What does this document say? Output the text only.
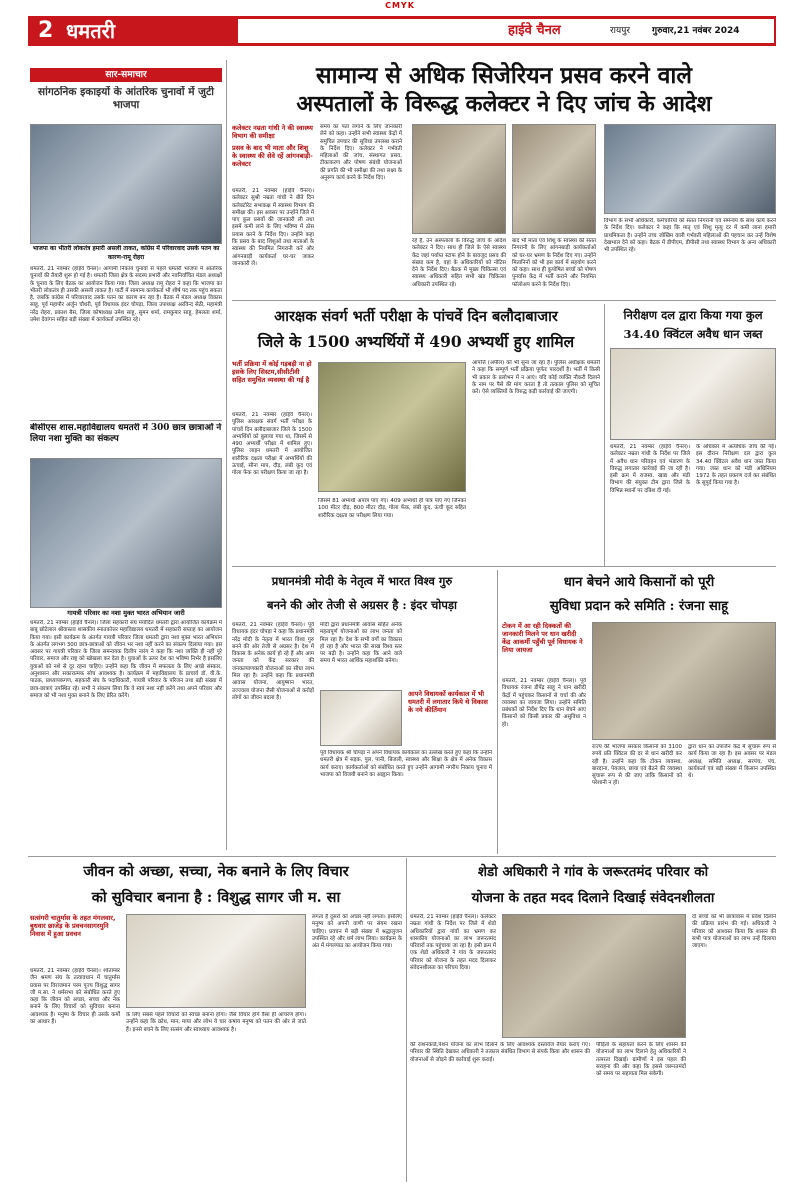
CMYK
2 धमतरी	हाईवे चैनल	रायपुर	गुरुवार,21 नवंबर 2024
सार-समाचार
सांगठनिक इकाइयों के आंतरिक चुनावों में जुटी भाजपा
भाजपा का भीतरी लोकतंत्र हमारी असली ताकत, कांग्रेस में परिवारवाद उसके पतन का कारण-रामू रोहरा
धमतरी, 21 नवम्बर (हाईवे चैनल)। आगामी निकाय चुनावों से पहले धमतरी भाजपा में आंतरिक चुनावों की तैयारी शुरू हो गई है। धमतरी जिला क्षेत्र के सदस्य प्रभारी और नवनिर्वाचित मंडल अध्यक्षों के चुनाव के लिए बैठक का आयोजन किया गया। जिला अध्यक्ष रामू रोहरा ने कहा कि भाजपा का भीतरी लोकतंत्र ही उसकी असली ताकत है। पार्टी में सामान्य कार्यकर्ता भी शीर्ष पद तक पहुंच सकता है, जबकि कांग्रेस में परिवारवाद उसके पतन का कारण बन रहा है। बैठक में मंडल अध्यक्ष विकास साहू, पूर्व महापौर अर्जुन चौधरी, पूर्व विधायक इंदर चोपड़ा, जिला उपाध्यक्ष अरविन्द सेठी, महामंत्री नरेंद्र रोहरा, प्रकाश बैस, जिला कोषाध्यक्ष उमेश साहू, सुमन शर्मा, रामकुमार साहू, हेमलता शर्मा, उमेश देवांगन सहित बड़ी संख्या में कार्यकर्ता उपस्थित रहे।
बीसीएस शास.महाविद्यालय धमतरी में 300 छात्र छात्राओं ने लिया नशा मुक्ति का संकल्प
गायत्री परिवार का नशा मुक्त भारत अभियान जारी
धमतरी, 21 नवम्बर (हाईवे चैनल)। जिला सहकारी संघ मर्यादित धमतरी द्वारा आयोजित कार्यक्रम में बाबू छोटेलाल श्रीवास्तव शासकीय स्नातकोत्तर महाविद्यालय धमतरी में सहकारी सप्ताह का आयोजन किया गया। इसी कार्यक्रम के अंतर्गत गायत्री परिवार जिला धमतरी द्वारा नशा मुक्त भारत अभियान के अंतर्गत लगभग 300 छात्र-छात्राओं को जीवन भर नशा नहीं करने का संकल्प दिलाया गया। इस अवसर पर गायत्री परिवार के जिला समन्वयक दिलीप नारंग ने कहा कि नशा व्यक्ति ही नहीं पूरे परिवार, समाज और राष्ट्र को खोखला कर देता है। युवाओं के ऊपर देश का भविष्य निर्भर है इसलिए युवाओं को नशे से दूर रहना चाहिए। उन्होंने कहा कि जीवन में सफलता के लिए अच्छे संस्कार, अनुशासन और सकारात्मक सोच आवश्यक है। कार्यक्रम में महाविद्यालय के प्राचार्य डॉ. वी.के. पाठक, प्राध्यापकगण, सहकारी संघ के पदाधिकारी, गायत्री परिवार के परिजन तथा बड़ी संख्या में छात्र-छात्राएं उपस्थित रहे। सभी ने संकल्प लिया कि वे स्वयं नशा नहीं करेंगे तथा अपने परिवार और समाज को भी नशा मुक्त बनाने के लिए प्रेरित करेंगे।
सामान्य से अधिक सिजेरियन प्रसव करने वाले
अस्पतालों के विरूद्ध कलेक्टर ने दिए जांच के आदेश
कलेक्टर नम्रता गांधी ने की स्वास्थ्य विभाग की समीक्षा
प्रसव के बाद भी माता और शिशु के स्वास्थ्य की सेवे रहें आंगनबाड़ी-कलेक्टर
धमतरी, 21 नवम्बर (हाईवे चैनल)। कलेक्टर सुश्री नम्रता गांधी ने बीते दिन कलेक्टोरेट सभाकक्ष में स्वास्थ्य विभाग की समीक्षा की। इस अवसर पर उन्होंने जिले में पाए कुल प्रसवों की जानकारी ली तथा इसमें कमी लाने के लिए भविष्य में ठोस प्रयास करने के निर्देश दिए। उन्होंने कहा कि प्रसव के बाद शिशुओं तथा माताओं के स्वास्थ्य की नियमित निगरानी करें और आंगनबाड़ी कार्यकर्ता घर-घर जाकर जानकारी लें।
समय का पता लगाने के लिए जानकारी लेने को कहा। उन्होंने सभी स्वास्थ्य केंद्रों में समुचित उपचार की सुविधा उपलब्ध कराने के निर्देश दिए। कलेक्टर ने गर्भवती महिलाओं की जांच, संस्थागत प्रसव, टीकाकरण और पोषण संबंधी योजनाओं की प्रगति की भी समीक्षा की तथा लक्ष्य के अनुरूप कार्य करने के निर्देश दिए।
रहे हैं, उन अस्पतालों के विरुद्ध जांच के आदेश कलेक्टर ने दिए। साथ ही जिले के ऐसे स्वास्थ्य केंद्र जहां पर्याप्त स्टाफ होने के बावजूद प्रसव की संख्या कम है, वहां के अधिकारियों को नोटिस देने के निर्देश दिए। बैठक में मुख्य चिकित्सा एवं स्वास्थ्य अधिकारी सहित सभी खंड चिकित्सा अधिकारी उपस्थित रहे।
बाद भी माता एवं शिशु के स्वास्थ्य की सतत निगरानी के लिए आंगनबाड़ी कार्यकर्ताओं को घर-घर भ्रमण के निर्देश दिए गए। उन्होंने मितानिनों को भी इस कार्य में सहयोग करने को कहा। साथ ही कुपोषित बच्चों को पोषण पुनर्वास केंद्र में भर्ती कराने और नियमित फॉलोअप करने के निर्देश दिए।
विभाग के सभी अधिकारी, कर्मचारियों को सतत निगरानी एवं समन्वय के साथ कार्य करने के निर्देश दिए। कलेक्टर ने कहा कि मातृ एवं शिशु मृत्यु दर में कमी लाना हमारी प्राथमिकता है। उन्होंने उच्च जोखिम वाली गर्भवती महिलाओं की पहचान कर उन्हें विशेष देखभाल देने को कहा। बैठक में डीपीएम, डीपीसी तथा स्वास्थ्य विभाग के अन्य अधिकारी भी उपस्थित रहे।
आरक्षक संवर्ग भर्ती परीक्षा के पांचवें दिन बलौदाबाजार
जिले के 1500 अभ्यर्थियों में 490 अभ्यर्थी हुए शामिल
भर्ती प्रक्रिया में कोई गड़बड़ी ना हो इसके लिए सिस्टम,सीसीटीवी सहित समुचित व्यवस्था की गई है
धमतरी, 21 नवम्बर (हाईवे चैनल)। पुलिस आरक्षक संवर्ग भर्ती परीक्षा के पांचवें दिन बलौदाबाजार जिले के 1500 अभ्यर्थियों को बुलाया गया था, जिसमें से 490 अभ्यर्थी परीक्षा में शामिल हुए। पुलिस लाइन धमतरी में आयोजित शारीरिक दक्षता परीक्षा में अभ्यर्थियों की ऊंचाई, सीना माप, दौड़, लंबी कूद एवं गोला फेंक का परीक्षण किया जा रहा है।
जिसमें 81 अभ्यर्थी अपात्र पाए गए। 409 अभ्यर्थी ही पात्र पाए गए जिनका 100 मीटर दौड़, 800 मीटर दौड़, गोला फेंक, लंबी कूद, ऊंची कूद सहित शारीरिक दक्षता का परीक्षण लिया गया।
आपत्ति (अपील) को भी सुना जा रहा है। पुलिस अधीक्षक धमतरी ने कहा कि सम्पूर्ण भर्ती प्रक्रिया पूर्णतः पारदर्शी है। भर्ती में किसी भी प्रकार के प्रलोभन में न आएं। यदि कोई व्यक्ति नौकरी दिलाने के नाम पर पैसे की मांग करता है तो तत्काल पुलिस को सूचित करें। ऐसे व्यक्तियों के विरुद्ध कड़ी कार्रवाई की जाएगी।
निरीक्षण दल द्वारा किया गया कुल
34.40 क्विंटल अवैध धान जब्त
धमतरी, 21 नवम्बर (हाईवे चैनल)। कलेक्टर नम्रता गांधी के निर्देश पर जिले में अवैध धान परिवहन एवं भंडारण के विरुद्ध लगातार कार्रवाई की जा रही है। इसी क्रम में राजस्व, खाद्य और मंडी विभाग की संयुक्त टीम द्वारा जिले के विभिन्न स्थानों पर दबिश दी गई।
के अधिकार में अत्यधिक जांच की गई। इस दौरान निरीक्षण दल द्वारा कुल 34.40 क्विंटल अवैध धान जब्त किया गया। जब्त धान को मंडी अधिनियम 1972 के तहत प्रकरण दर्ज कर संबंधित के सुपुर्द किया गया है।
प्रधानमंत्री मोदी के नेतृत्व में भारत विश्व गुरु
बनने की ओर तेजी से अग्रसर है : इंदर चोपड़ा
धमतरी, 21 नवम्बर (हाईवे चैनल)। पूर्व विधायक इंदर चोपड़ा ने कहा कि प्रधानमंत्री नरेंद्र मोदी के नेतृत्व में भारत विश्व गुरु बनने की ओर तेजी से अग्रसर है। देश में विकास के अनेक कार्य हो रहे हैं और आम जनता को केंद्र सरकार की जनकल्याणकारी योजनाओं का सीधा लाभ मिल रहा है। उन्होंने कहा कि प्रधानमंत्री आवास योजना, आयुष्मान भारत, उज्ज्वला योजना जैसी योजनाओं से करोड़ों लोगों का जीवन बदला है।
मोदी द्वारा प्रधानमंत्री आवास सहित अनेक महत्वपूर्ण योजनाओं का लाभ जनता को मिल रहा है। देश के सभी वर्गों का विकास हो रहा है और भारत की साख विश्व स्तर पर बढ़ी है। उन्होंने कहा कि आने वाले समय में भारत आर्थिक महाशक्ति बनेगा।
आपने विधायकों कार्यकाल में भी धमतरी में लगातार किये थे विकास के नये कीर्तिमान
पूर्व विधायक श्री चोपड़ा ने अपने विधायक कार्यकाल का उल्लेख करते हुए कहा कि उन्होंने धमतरी क्षेत्र में सड़क, पुल, पानी, बिजली, स्वास्थ्य और शिक्षा के क्षेत्र में अनेक विकास कार्य कराए। कार्यकर्ताओं को संबोधित करते हुए उन्होंने आगामी नगरीय निकाय चुनाव में भाजपा को विजयी बनाने का आह्वान किया।
धान बेचने आये किसानों को पूरी
सुविधा प्रदान करे समिति : रंजना साहू
टोकन में आ रही दिक्कतों की जानकारी मिलने पर धान खरीदी केंद्र आकर्मी पहुँची पूर्व विधायक ने लिया जायजा
धमतरी, 21 नवम्बर (हाईवे चैनल)। पूर्व विधायक रंजना डीपेंद्र साहू ने धान खरीदी केंद्रों में पहुंचकर किसानों से चर्चा की और व्यवस्था का जायजा लिया। उन्होंने समिति प्रबंधकों को निर्देश दिए कि धान बेचने आए किसानों को किसी प्रकार की असुविधा न हो।
राज्य की भाजपा सरकार किसानों को 3100 रुपये प्रति क्विंटल की दर से धान खरीदी कर रही है। उन्होंने कहा कि टोकन व्यवस्था, बारदाना, पेयजल, छाया एवं बैठने की व्यवस्था सुचारू रूप से की जाए ताकि किसानों को परेशानी न हो।
द्वारा धान का उपार्जन केंद्र में सुचारू रूप से कार्य किया जा रहा है। इस अवसर पर मंडल अध्यक्ष, समिति अध्यक्ष, सरपंच, पंच, कार्यकर्ता एवं बड़ी संख्या में किसान उपस्थित थे।
जीवन को अच्छा, सच्चा, नेक बनाने के लिए विचार
को सुविचार बनाना है : विशुद्ध सागर जी म. सा
सत्संगरी चातुर्मास के तहत मंगलवार, बुधवार छाजेड़ के प्रवचनसागरमुनि निवास में हुआ प्रवचन
धमतरी, 21 नवम्बर (हाईवे चैनल)। श्वेताम्बर जैन श्रमण संघ के तत्वावधान में चातुर्मास प्रवास पर विराजमान परम पूज्य विशुद्ध सागर जी म.सा. ने धर्मसभा को संबोधित करते हुए कहा कि जीवन को अच्छा, सच्चा और नेक बनाने के लिए विचारों को सुविचार बनाना आवश्यक है। मनुष्य के विचार ही उसके कर्मों का आधार हैं।
के लिए सबसे पहले विचारों को स्वच्छ बनाना होगा। जैसे विचार होंगे वैसा ही आचरण होगा। उन्होंने कहा कि क्रोध, मान, माया और लोभ ये चार कषाय मनुष्य को पतन की ओर ले जाते हैं। इनसे बचने के लिए सत्संग और स्वाध्याय आवश्यक है।
लगता है दूसरों को अच्छा नहीं लगता। इसलिए मनुष्य को अपनी वाणी पर संयम रखना चाहिए। प्रवचन में बड़ी संख्या में श्रद्धालुजन उपस्थित रहे और धर्म लाभ लिया। कार्यक्रम के अंत में मंगलपाठ का आयोजन किया गया।
शेडो अधिकारी ने गांव के जरूरतमंद परिवार को
योजना के तहत मदद दिलाने दिखाई संवेदनशीलता
धमतरी, 21 नवम्बर (हाईवे चैनल)। कलेक्टर नम्रता गांधी के निर्देश पर जिले में शेडो अधिकारियों द्वारा गांवों का भ्रमण कर शासकीय योजनाओं का लाभ जरूरतमंद परिवारों तक पहुंचाया जा रहा है। इसी क्रम में एक शेडो अधिकारी ने गांव के जरूरतमंद परिवार को योजना के तहत मदद दिलाकर संवेदनशीलता का परिचय दिया।
की राशनकार्ड,पेंशन योजना का लाभ दिलाने के लिए आवश्यक दस्तावेज तैयार कराए गए। परिवार की स्थिति देखकर अधिकारी ने तत्काल संबंधित विभाग से संपर्क किया और शासन की योजनाओं से जोड़ने की कार्रवाई शुरू कराई।
पीड़ितों के सहायता करने के लिए शासन की योजनाओं का लाभ दिलाने हेतु अधिकारियों ने तत्परता दिखाई। ग्रामीणों ने इस पहल की सराहना की और कहा कि इससे जरूरतमंदों को समय पर सहायता मिल सकेगी।
दो बच्चों को भी छात्रावास में प्रवेश दिलाने की प्रक्रिया प्रारंभ की गई। अधिकारी ने परिवार को आश्वस्त किया कि शासन की सभी पात्र योजनाओं का लाभ उन्हें दिलाया जाएगा।
